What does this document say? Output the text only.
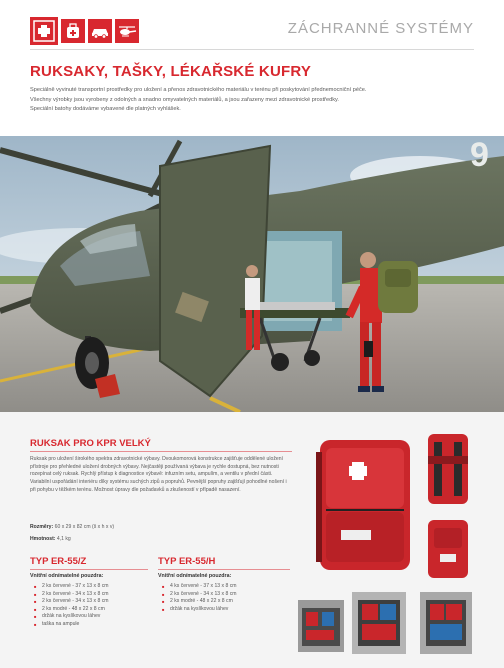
ZÁCHRANNÉ SYSTÉMY
RUKSAKY, TAŠKY, LÉKAŘSKÉ KUFRY

Speciálně vyvinuté transportní prostředky pro uložení a přenos zdravotnického materiálu v terénu při poskytování přednemocniční péče.

Všechny výrobky jsou vyrobeny z odolných a snadno omyvatelných materiálů, a jsou zařazeny mezi zdravotnické prostředky.

Speciální batohy dodáváme vybavené dle platných vyhlášek.

9
RUKSAK PRO KPR VELKÝ

Ruksak pro uložení širokého spektra zdravotnické výbavy. Dvoukomorová konstrukce zajišťuje oddělené uložení přístroje pro přehledné uložení drobných výbavy. Nejčastěji používaná výbava je rychle dostupná, bez nutnosti rozepínat celý ruksak. Rychlý přístup k diagnostice výbavě: infuzním setu, ampulím, a ventilu v přední části. Variabilní uspořádání interiéru díky systému suchých zipů a popruhů. Pevnější popruhy zajišťují pohodlné nošení i při pohybu v těžkém terénu. Možnost úpravy dle požadavků a zkušeností v případě nasazení.

Rozměry: 60 x 29 x 82 cm (š x h x v)
Hmotnost: 4,1 kg
TYP ER-55/Z
Vnitřní odnímatelné pouzdra:
■ 2 ks červené - 37 x 13 x 8 cm
■ 2 ks červené - 34 x 13 x 8 cm
■ 2 ks červené - 34 x 13 x 8 cm
■ 2 ks modré - 48 x 22 x 8 cm
■ držák na kyslíkovou láhev
■ taška na ampule
TYP ER-55/H
Vnitřní odnímatelné pouzdra:
■ 4 ks červené - 37 x 13 x 8 cm
■ 2 ks červené - 34 x 13 x 8 cm
■ 2 ks modré - 48 x 22 x 8 cm
■ držák na kyslíkovou láhev
